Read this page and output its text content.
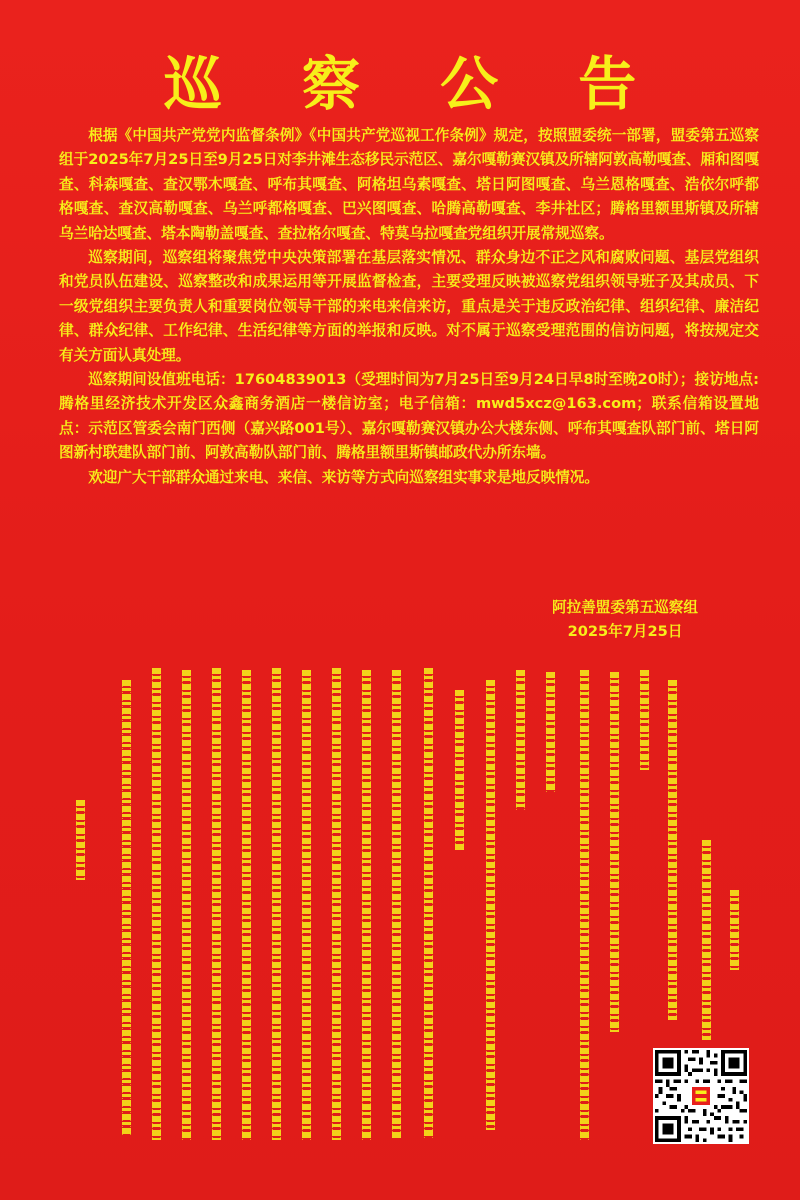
巡 察 公 告

根据《中国共产党党内监督条例》《中国共产党巡视工作条例》规定，按照盟委统一部署，盟委第五巡察组于2025年7月25日至9月25日对李井滩生态移民示范区、嘉尔嘎勒赛汉镇及所辖阿敦高勒嘎查、厢和图嘎查、科森嘎查、查汉鄂木嘎查、呼布其嘎查、阿格坦乌素嘎查、塔日阿图嘎查、乌兰恩格嘎查、浩依尔呼都格嘎查、查汉高勒嘎查、乌兰呼都格嘎查、巴兴图嘎查、哈腾高勒嘎查、李井社区；腾格里额里斯镇及所辖乌兰哈达嘎查、塔本陶勒盖嘎查、查拉格尔嘎查、特莫乌拉嘎查党组织开展常规巡察。

巡察期间，巡察组将聚焦党中央决策部署在基层落实情况、群众身边不正之风和腐败问题、基层党组织和党员队伍建设、巡察整改和成果运用等开展监督检查，主要受理反映被巡察党组织领导班子及其成员、下一级党组织主要负责人和重要岗位领导干部的来电来信来访，重点是关于违反政治纪律、组织纪律、廉洁纪律、群众纪律、工作纪律、生活纪律等方面的举报和反映。对不属于巡察受理范围的信访问题，将按规定交有关方面认真处理。

巡察期间设值班电话：17604839013（受理时间为7月25日至9月24日早8时至晚20时）；接访地点:腾格里经济技术开发区众鑫商务酒店一楼信访室；电子信箱：mwd5xcz@163.com；联系信箱设置地点：示范区管委会南门西侧（嘉兴路001号）、嘉尔嘎勒赛汉镇办公大楼东侧、呼布其嘎查队部门前、塔日阿图新村联建队部门前、阿敦高勒队部门前、腾格里额里斯镇邮政代办所东墙。

欢迎广大干部群众通过来电、来信、来访等方式向巡察组实事求是地反映情况。

阿拉善盟委第五巡察组
2025年7月25日
